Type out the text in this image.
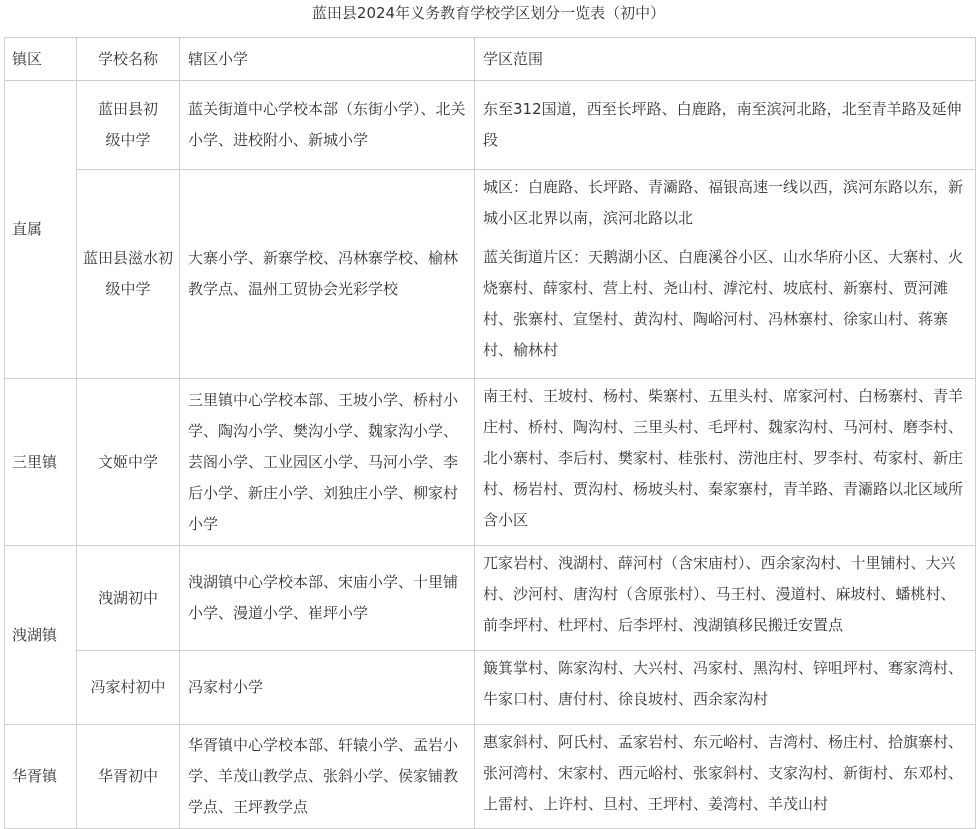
蓝田县2024年义务教育学校学区划分一览表（初中）
镇区	学校名称	辖区小学	学区范围
直属	蓝田县初级中学	蓝关街道中心学校本部（东街小学）、北关小学、进校附小、新城小学	东至312国道，西至长坪路、白鹿路，南至滨河北路，北至青羊路及延伸段

	蓝田县滋水初级中学	大寨小学、新寨学校、冯林寨学校、榆林教学点、温州工贸协会光彩学校	城区：白鹿路、长坪路、青灞路、福银高速一线以西，滨河东路以东，新城小区北界以南，滨河北路以北
蓝关街道片区：天鹅湖小区、白鹿溪谷小区、山水华府小区、大寨村、火烧寨村、薛家村、营上村、尧山村、滹沱村、坡底村、新寨村、贾河滩村、张寨村、宣堡村、黄沟村、陶峪河村、冯林寨村、徐家山村、蒋寨村、榆林村

三里镇	文姬中学	三里镇中心学校本部、王坡小学、桥村小学、陶沟小学、樊沟小学、魏家沟小学、芸阁小学、工业园区小学、马河小学、李后小学、新庄小学、刘独庄小学、柳家村小学	南王村、王坡村、杨村、柴寨村、五里头村、席家河村、白杨寨村、青羊庄村、桥村、陶沟村、三里头村、毛坪村、魏家沟村、马河村、磨李村、北小寨村、李后村、樊家村、桂张村、涝池庄村、罗李村、苟家村、新庄村、杨岩村、贾沟村、杨坡头村、秦家寨村，青羊路、青灞路以北区域所含小区

洩湖镇	洩湖初中	洩湖镇中心学校本部、宋庙小学、十里铺小学、漫道小学、崔坪小学	兀家岩村、洩湖村、薛河村（含宋庙村）、西余家沟村、十里铺村、大兴村、沙河村、唐沟村（含原张村）、马王村、漫道村、麻坡村、蟠桃村、前李坪村、杜坪村、后李坪村、洩湖镇移民搬迁安置点

	冯家村初中	冯家村小学	簸箕掌村、陈家沟村、大兴村、冯家村、黑沟村、锌咀坪村、骞家湾村、牛家口村、唐付村、徐良坡村、西余家沟村

华胥镇	华胥初中	华胥镇中心学校本部、轩辕小学、孟岩小学、羊茂山教学点、张斜小学、侯家铺教学点、王坪教学点	惠家斜村、阿氏村、孟家岩村、东元峪村、吉湾村、杨庄村、拾旗寨村、张河湾村、宋家村、西元峪村、张家斜村、支家沟村、新街村、东邓村、上雷村、上许村、旦村、王坪村、姜湾村、羊茂山村
